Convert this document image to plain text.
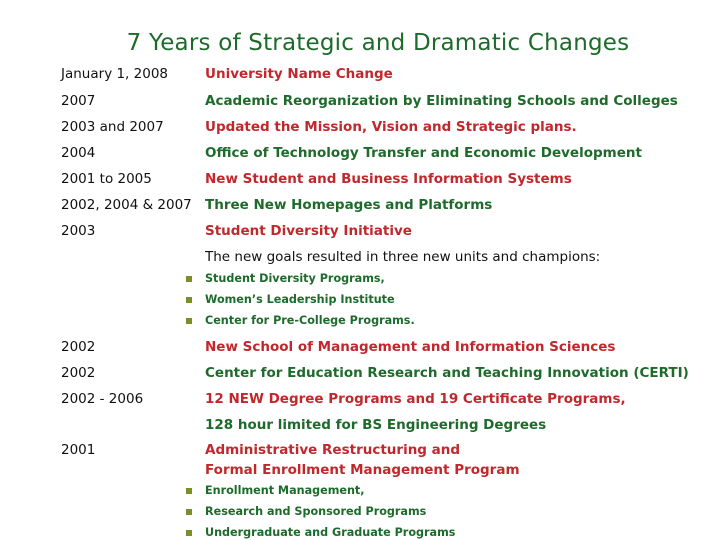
7 Years of Strategic and Dramatic Changes
January 1, 2008	University Name Change
2007	Academic Reorganization by Eliminating Schools and Colleges
2003 and 2007	Updated the Mission, Vision and Strategic plans.
2004	Office of Technology Transfer and Economic Development
2001 to 2005	New Student and Business Information Systems
2002, 2004 & 2007 Three New Homepages and Platforms
2003	Student Diversity Initiative
The new goals resulted in three new units and champions:
Student Diversity Programs,
Women’s Leadership Institute
Center for Pre-College Programs.
2002	New School of Management and Information Sciences
2002	Center for Education Research and Teaching Innovation (CERTI)
2002 - 2006	12 NEW Degree Programs and 19 Certificate Programs,
128 hour limited for BS Engineering Degrees
2001	Administrative Restructuring and
Formal Enrollment Management Program
Enrollment Management,
Research and Sponsored Programs
Undergraduate and Graduate Programs
